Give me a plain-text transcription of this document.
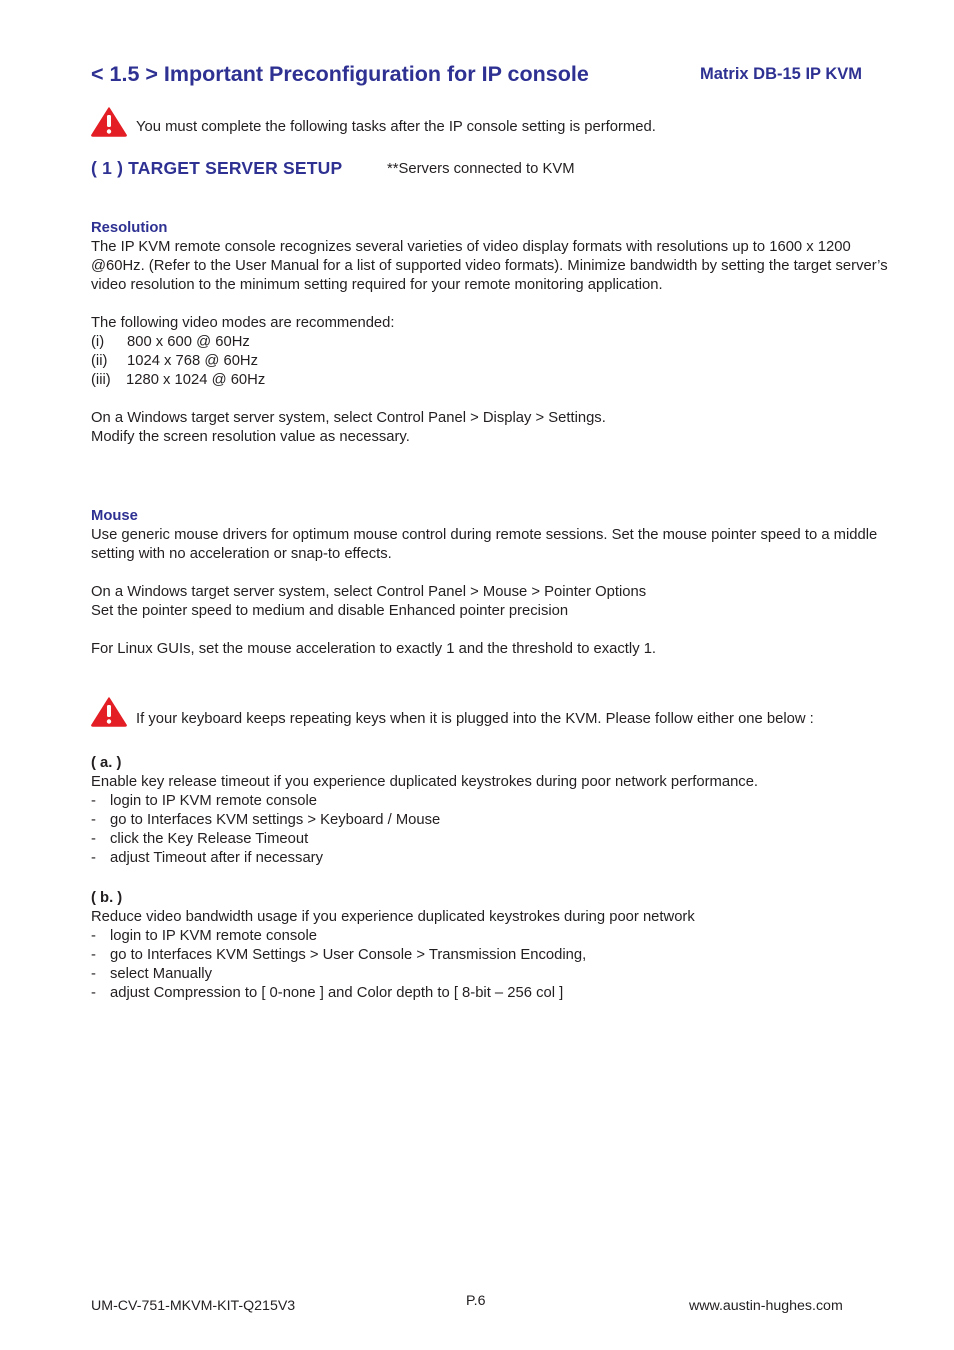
< 1.5 > Important Preconfiguration for IP console	Matrix DB-15 IP KVM
You must complete the following tasks after the IP console setting is performed.
( 1 ) TARGET SERVER SETUP	**Servers connected to KVM

Resolution

The IP KVM remote console recognizes several varieties of video display formats with resolutions up to 1600 x 1200 @60Hz. (Refer to the User Manual for a list of supported video formats). Minimize bandwidth by setting the target server’s video resolution to the minimum setting required for your remote monitoring application.

The following video modes are recommended:

(i)	800 x 600 @ 60Hz
(ii)	1024 x 768 @ 60Hz
(iii)	1280 x 1024 @ 60Hz

On a Windows target server system, select Control Panel > Display > Settings.

Modify the screen resolution value as necessary.

Mouse

Use generic mouse drivers for optimum mouse control during remote sessions. Set the mouse pointer speed to a middle setting with no acceleration or snap-to effects.

On a Windows target server system, select Control Panel > Mouse > Pointer Options

Set the pointer speed to medium and disable Enhanced pointer precision

For Linux GUIs, set the mouse acceleration to exactly 1 and the threshold to exactly 1.

If your keyboard keeps repeating keys when it is plugged into the KVM. Please follow either one below :

( a. )

Enable key release timeout if you experience duplicated keystrokes during poor network performance.

- login to IP KVM remote console
- go to Interfaces KVM settings > Keyboard / Mouse
- click the Key Release Timeout
- adjust Timeout after if necessary

( b. )

Reduce video bandwidth usage if you experience duplicated keystrokes during poor network

- login to IP KVM remote console
- go to Interfaces KVM Settings > User Console > Transmission Encoding,
- select Manually
- adjust Compression to [ 0-none ] and Color depth to [ 8-bit – 256 col ]
UM-CV-751-MKVM-KIT-Q215V3	P.6	www.austin-hughes.com
